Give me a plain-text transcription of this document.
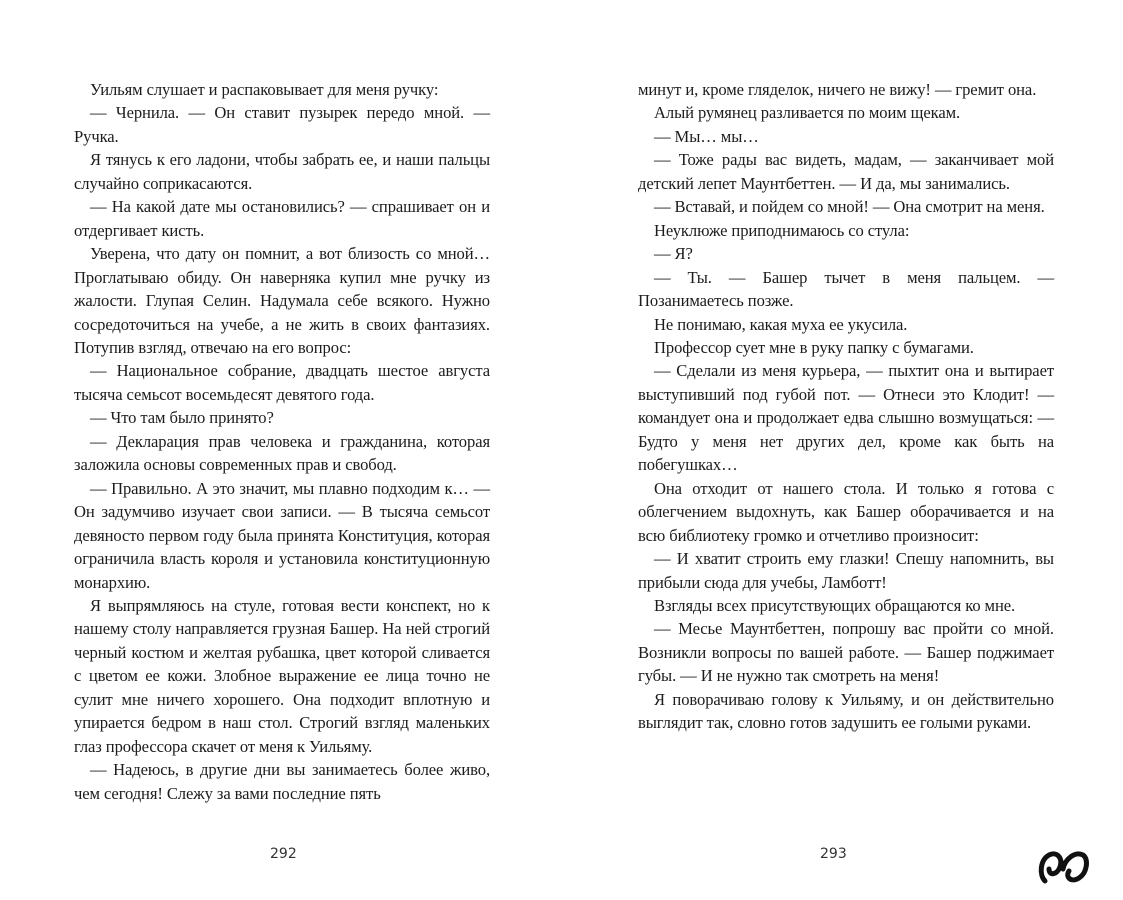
Уильям слушает и распаковывает для меня ручку:

— Чернила. — Он ставит пузырек передо мной. — Ручка.

Я тянусь к его ладони, чтобы забрать ее, и наши пальцы случайно соприкасаются.

— На какой дате мы остановились? — спрашивает он и отдергивает кисть.

Уверена, что дату он помнит, а вот близость со мной… Проглатываю обиду. Он наверняка купил мне ручку из жалости. Глупая Селин. Надумала себе всякого. Нужно сосредоточиться на учебе, а не жить в своих фантазиях. Потупив взгляд, отвечаю на его вопрос:

— Национальное собрание, двадцать шестое августа тысяча семьсот восемьдесят девятого года.

— Что там было принято?

— Декларация прав человека и гражданина, которая заложила основы современных прав и свобод.

— Правильно. А это значит, мы плавно подходим к… — Он задумчиво изучает свои записи. — В тысяча семьсот девяносто первом году была принята Конституция, которая ограничила власть короля и установила конституционную монархию.

Я выпрямляюсь на стуле, готовая вести конспект, но к нашему столу направляется грузная Башер. На ней строгий черный костюм и желтая рубашка, цвет которой сливается с цветом ее кожи. Злобное выражение ее лица точно не сулит мне ничего хорошего. Она подходит вплотную и упирается бедром в наш стол. Строгий взгляд маленьких глаз профессора скачет от меня к Уильяму.

— Надеюсь, в другие дни вы занимаетесь более живо, чем сегодня! Слежу за вами последние пять

минут и, кроме гляделок, ничего не вижу! — гремит она.

Алый румянец разливается по моим щекам.

— Мы… мы…

— Тоже рады вас видеть, мадам, — заканчивает мой детский лепет Маунтбеттен. — И да, мы занимались.

— Вставай, и пойдем со мной! — Она смотрит на меня.

Неуклюже приподнимаюсь со стула:

— Я?

— Ты. — Башер тычет в меня пальцем. — Позанимаетесь позже.

Не понимаю, какая муха ее укусила.

Профессор сует мне в руку папку с бумагами.

— Сделали из меня курьера, — пыхтит она и вытирает выступивший под губой пот. — Отнеси это Клодит! — командует она и продолжает едва слышно возмущаться: — Будто у меня нет других дел, кроме как быть на побегушках…

Она отходит от нашего стола. И только я готова с облегчением выдохнуть, как Башер оборачивается и на всю библиотеку громко и отчетливо произносит:

— И хватит строить ему глазки! Спешу напомнить, вы прибыли сюда для учебы, Ламботт!

Взгляды всех присутствующих обращаются ко мне.

— Месье Маунтбеттен, попрошу вас пройти со мной. Возникли вопросы по вашей работе. — Башер поджимает губы. — И не нужно так смотреть на меня!

Я поворачиваю голову к Уильяму, и он действительно выглядит так, словно готов задушить ее голыми руками.

292	293
